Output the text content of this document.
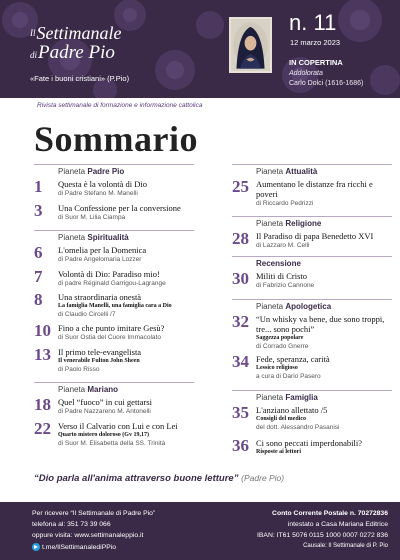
$^{Il}$Settimanale
diPadre Pio
«Fate i buoni cristiani» (P.Pio)
n. 11
12 marzo 2023
IN COPERTINA
Addolorata
Carlo Dolci (1616-1686)
Rivista settimanale di formazione e informazione cattolica
Sommario
Pianeta Padre Pio
1	Questa è la volontà di Dio
di Padre Stefano M. Manelli
3	Una Confessione per la conversione
di Suor M. Lilia Ciampa
Pianeta Spiritualità
6	L'omelia per la Domenica
di Padre Angelomaria Lozzer
7	Volontà di Dio: Paradiso mio!
di padre Réginald Garrigou-Lagrange
8	Una straordinaria onestà
La famiglia Manelli, una famiglia cara a Dio
di Claudio Circelli /7
10 Fino a che punto imitare Gesù?
di Suor Ostia del Cuore Immacolato
13 Il primo tele-evangelista
Il venerabile Fulton John Sheen
di Paolo Risso
Pianeta Mariano
18 Quel “fuoco” in cui gettarsi
di Padre Nazzareno M. Antonelli
22 Verso il Calvario con Lui e con Lei
Quarto mistero doloroso (Gv 19,17)
di Suor M. Elisabetta della SS. Trinità
Pianeta Attualità
25 Aumentano le distanze fra ricchi e poveri
di Riccardo Pedrizzi
Pianeta Religione
28 Il Paradiso di papa Benedetto XVI
di Lazzaro M. Celli
Recensione
30 Militi di Cristo
di Fabrizio Cannone
Pianeta Apologetica
32 “Un whisky va bene, due sono troppi, tre... sono pochi”
Saggezza popolare
di Corrado Gnerre
34 Fede, speranza, carità
Lessico religioso
a cura di Dario Pasero
Pianeta Famiglia
35 L'anziano allettato /5
Consigli del medico
del dott. Alessandro Pasanisi
36 Ci sono peccati imperdonabili?
Risposte ai lettori
“Dio parla all'anima attraverso buone letture” (Padre Pio)
Per ricevere “Il Settimanale di Padre Pio”
telefona al: 351 73 39 066
oppure visita: www.settimanaleppio.it
t.me/IlSettimanalediPPio
Conto Corrente Postale n. 70272836
intestato a Casa Mariana Editrice
IBAN: IT61 5076 0115 1000 0007 0272 836
Causale: Il Settimanale di P. Pio
